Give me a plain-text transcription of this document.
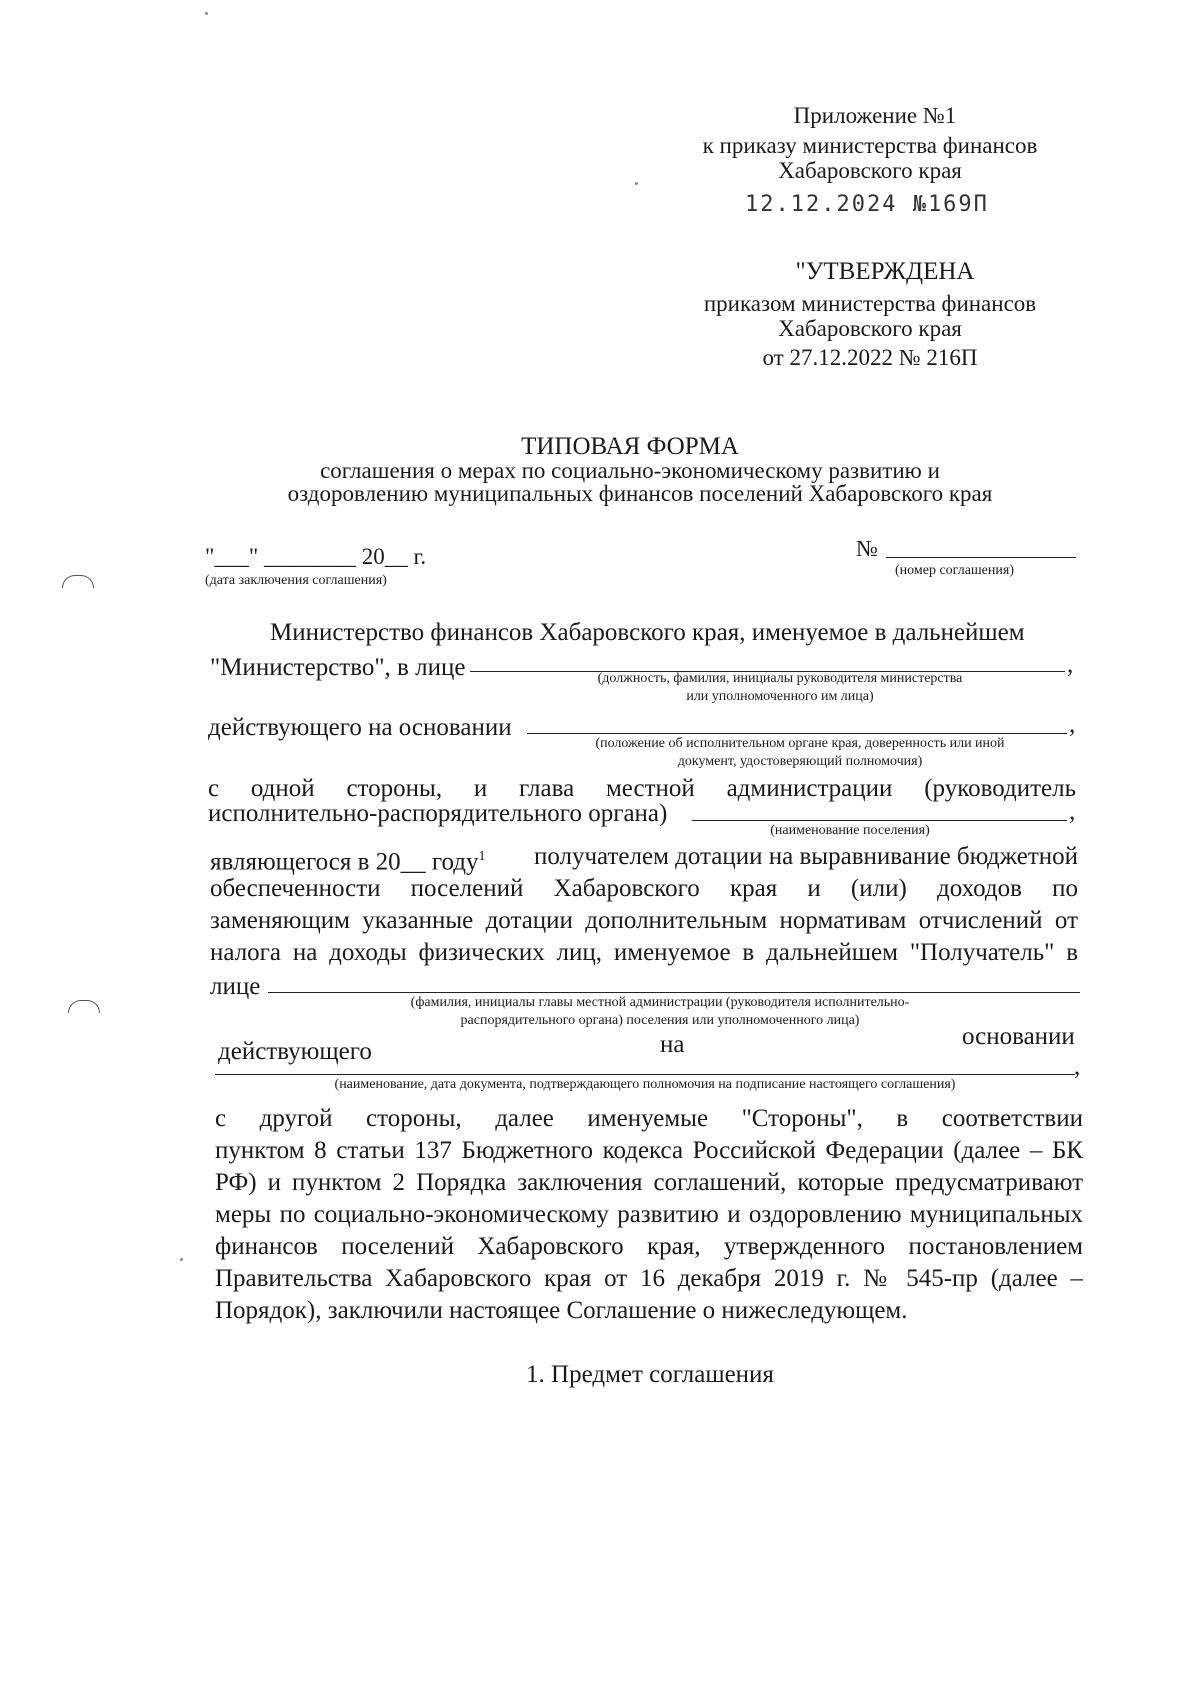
Приложение №1
к приказу министерства финансов
Хабаровского края
12.12.2024 №169П
"УТВЕРЖДЕНА
приказом министерства финансов
Хабаровского края
от 27.12.2022 № 216П
ТИПОВАЯ ФОРМА
соглашения о мерах по социально-экономическому развитию и
оздоровлению муниципальных финансов поселений Хабаровского края
"___" ________ 20__ г.
(дата заключения соглашения)
№
(номер соглашения)
Министерство финансов Хабаровского края, именуемое в дальнейшем
"Министерство", в лице	,
(должность, фамилия, инициалы руководителя министерства
или уполномоченного им лица)
действующего на основании	,
(положение об исполнительном органе края, доверенность или иной
документ, удостоверяющий полномочия)
с одной стороны, и глава местной администрации (руководитель
исполнительно-распорядительного органа)	,
(наименование поселения)
являющегося в 20__ году$^1$ получателем дотации на выравнивание бюджетной
обеспеченности поселений Хабаровского края и (или) доходов по
заменяющим указанные дотации дополнительным нормативам отчислений от
налога на доходы физических лиц, именуемое в дальнейшем "Получатель" в
лице
(фамилия, инициалы главы местной администрации (руководителя исполнительно-
распорядительного органа) поселения или уполномоченного лица)
действующего	на	основании
,
(наименование, дата документа, подтверждающего полномочия на подписание настоящего соглашения)
с другой стороны, далее именуемые "Стороны", в соответствии
пунктом 8 статьи 137 Бюджетного кодекса Российской Федерации (далее – БК
РФ) и пунктом 2 Порядка заключения соглашений, которые предусматривают
меры по социально-экономическому развитию и оздоровлению муниципальных
финансов поселений Хабаровского края, утвержденного постановлением
Правительства Хабаровского края от 16 декабря 2019 г. № 545-пр (далее –
Порядок), заключили настоящее Соглашение о нижеследующем.
1. Предмет соглашения
